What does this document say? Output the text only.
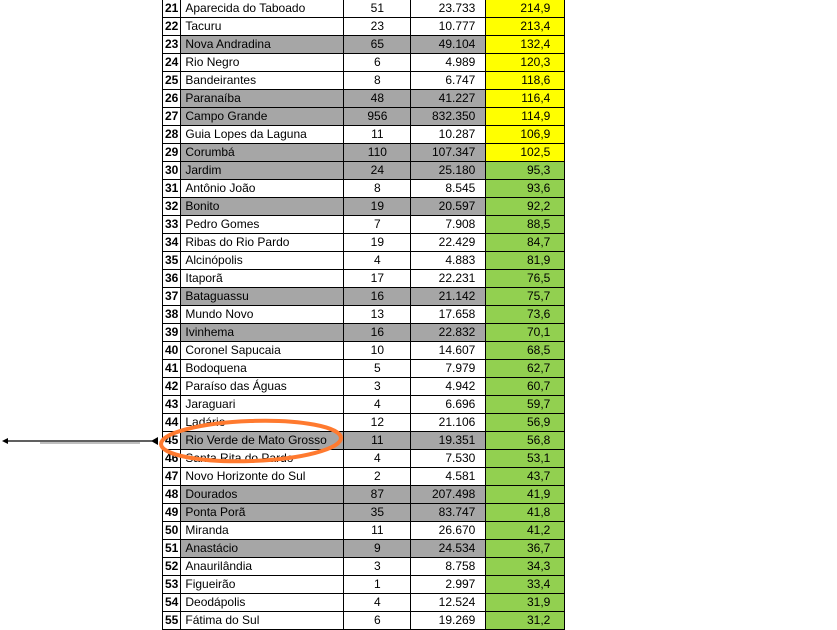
21	Aparecida do Taboado	51	23.733	214,9
22	Tacuru	23	10.777	213,4
23	Nova Andradina	65	49.104	132,4
24	Rio Negro	6	4.989	120,3
25	Bandeirantes	8	6.747	118,6
26	Paranaíba	48	41.227	116,4
27	Campo Grande	956	832.350	114,9
28	Guia Lopes da Laguna	11	10.287	106,9
29	Corumbá	110	107.347	102,5
30	Jardim	24	25.180	95,3
31	Antônio João	8	8.545	93,6
32	Bonito	19	20.597	92,2
33	Pedro Gomes	7	7.908	88,5
34	Ribas do Rio Pardo	19	22.429	84,7
35	Alcinópolis	4	4.883	81,9
36	Itaporã	17	22.231	76,5
37	Bataguassu	16	21.142	75,7
38	Mundo Novo	13	17.658	73,6
39	Ivinhema	16	22.832	70,1
40	Coronel Sapucaia	10	14.607	68,5
41	Bodoquena	5	7.979	62,7
42	Paraíso das Águas	3	4.942	60,7
43	Jaraguari	4	6.696	59,7
44	Ladário	12	21.106	56,9
45	Rio Verde de Mato Grosso	11	19.351	56,8
46	Santa Rita do Pardo	4	7.530	53,1
47	Novo Horizonte do Sul	2	4.581	43,7
48	Dourados	87	207.498	41,9
49	Ponta Porã	35	83.747	41,8
50	Miranda	11	26.670	41,2
51	Anastácio	9	24.534	36,7
52	Anaurilândia	3	8.758	34,3
53	Figueirão	1	2.997	33,4
54	Deodápolis	4	12.524	31,9
55	Fátima do Sul	6	19.269	31,2
